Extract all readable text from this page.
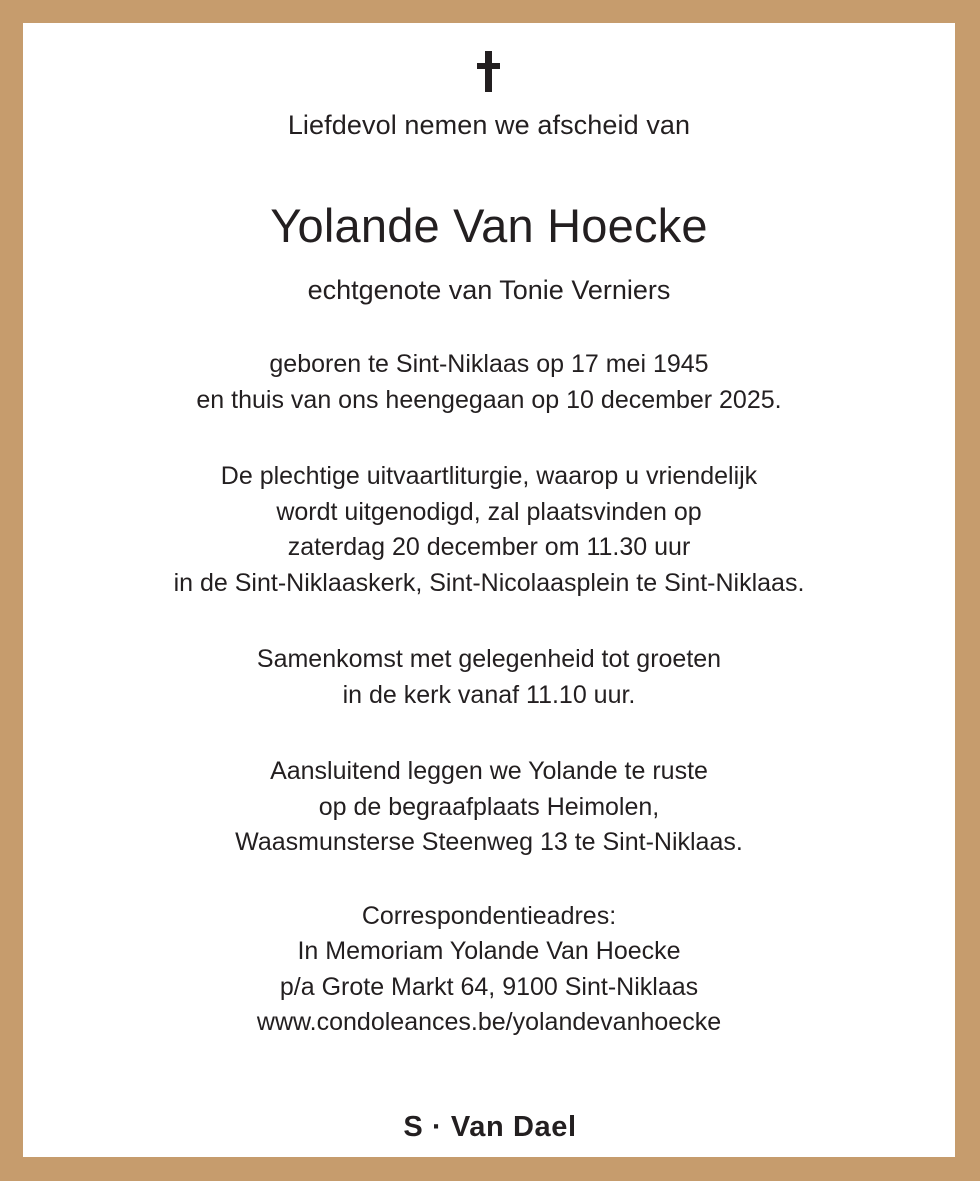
Liefdevol nemen we afscheid van
Yolande Van Hoecke
echtgenote van Tonie Verniers
geboren te Sint-Niklaas op 17 mei 1945
en thuis van ons heengegaan op 10 december 2025.
De plechtige uitvaartliturgie, waarop u vriendelijk
wordt uitgenodigd, zal plaatsvinden op
zaterdag 20 december om 11.30 uur
in de Sint-Niklaaskerk, Sint-Nicolaasplein te Sint-Niklaas.
Samenkomst met gelegenheid tot groeten
in de kerk vanaf 11.10 uur.
Aansluitend leggen we Yolande te ruste
op de begraafplaats Heimolen,
Waasmunsterse Steenweg 13 te Sint-Niklaas.
Correspondentieadres:
In Memoriam Yolande Van Hoecke
p/a Grote Markt 64, 9100 Sint-Niklaas
www.condoleances.be/yolandevanhoecke
S · Van Dael
